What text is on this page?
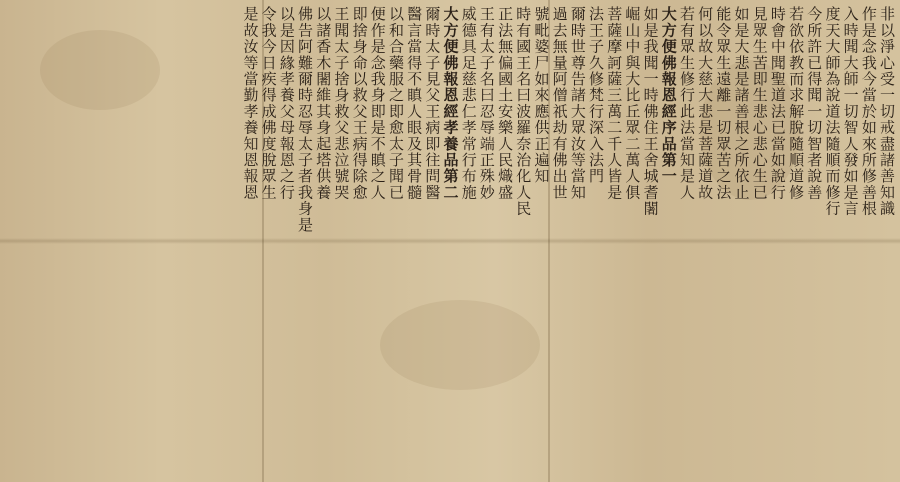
非以淨心受一切戒盡諸善知識
作是念我今當於如來所修善根
入時聞大師一切智人發如是言
度天大師為說道法隨順而修行
今所許已得聞一切智者說善
若欲依教而求解脫隨順道修
時會中聞聖道法已當如說行
見眾生苦即生悲心悲心生已
如是大悲是諸善根之所依止
能令眾生遠離一切眾苦之法
何以故大慈大悲是菩薩道故
若有眾生修行此法當知是人
大方便佛報恩經序品第一
如是我聞一時佛住王舍城耆闍
崛山中與大比丘眾二萬人俱
菩薩摩訶薩三萬二千人皆是
法王子久修梵行深入法門
爾時世尊告諸大眾汝等當知
過去無量阿僧祇劫有佛出世
號毗婆尸如來應供正遍知
時有國王名曰波羅奈治化人民
正法無偏國土安樂人民熾盛
王有太子名曰忍辱端正殊妙
威德具足慈悲仁孝常行布施
大方便佛報恩經孝養品第二
爾時太子見父王病即往問醫
醫言當得不瞋人眼及其骨髓
以和合藥服之即愈太子聞已
便作是念我身即是不瞋之人
即捨身命以救父王病得除愈
王聞太子捨身救父悲泣號哭
以諸香木闍維其身起塔供養
佛告阿難爾時忍辱太子者我身是
以是因緣孝養父母報恩之行
令我今日疾得成佛度脫眾生
是故汝等當勤孝養知恩報恩
